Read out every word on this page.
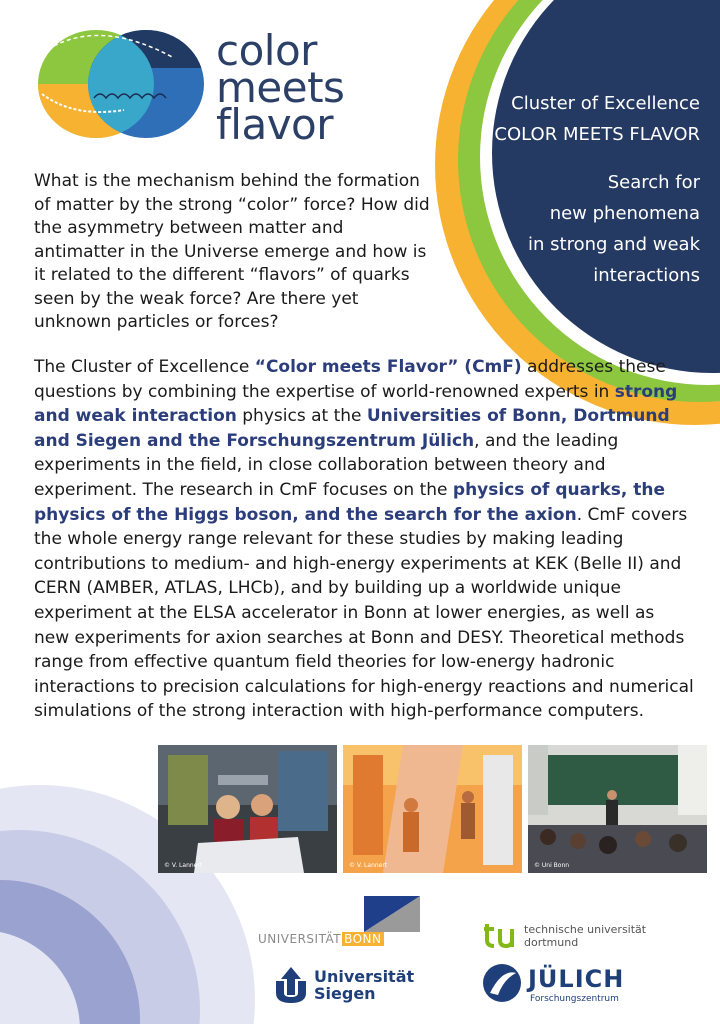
color
meets
flavor	Cluster of Excellence
COLOR MEETS FLAVOR
Search for
new phenomena
in strong and weak
interactions
What is the mechanism behind the formation of matter by the strong “color” force? How did the asymmetry between matter and antimatter in the Universe emerge and how is it related to the different “flavors” of quarks seen by the weak force? Are there yet unknown particles or forces?
The Cluster of Excellence “Color meets Flavor” (CmF) addresses these questions by combining the expertise of world-renowned experts in strong and weak interaction physics at the Universities of Bonn, Dortmund and Siegen and the Forschungszentrum Jülich, and the leading experiments in the field, in close collaboration between theory and experiment. The research in CmF focuses on the physics of quarks, the physics of the Higgs boson, and the search for the axion. CmF covers the whole energy range relevant for these studies by making leading contributions to medium- and high-energy experiments at KEK (Belle II) and CERN (AMBER, ATLAS, LHCb), and by building up a worldwide unique experiment at the ELSA accelerator in Bonn at lower energies, as well as new experiments for axion searches at Bonn and DESY. Theoretical methods range from effective quantum field theories for low-energy hadronic interactions to precision calculations for high-energy reactions and numerical simulations of the strong interaction with high-performance computers.
© V. Lannert	© V. Lannert	© Uni Bonn
UNIVERSITÄT BONN
technische universität
dortmund
Universität
Siegen
JÜLICH
Forschungszentrum
